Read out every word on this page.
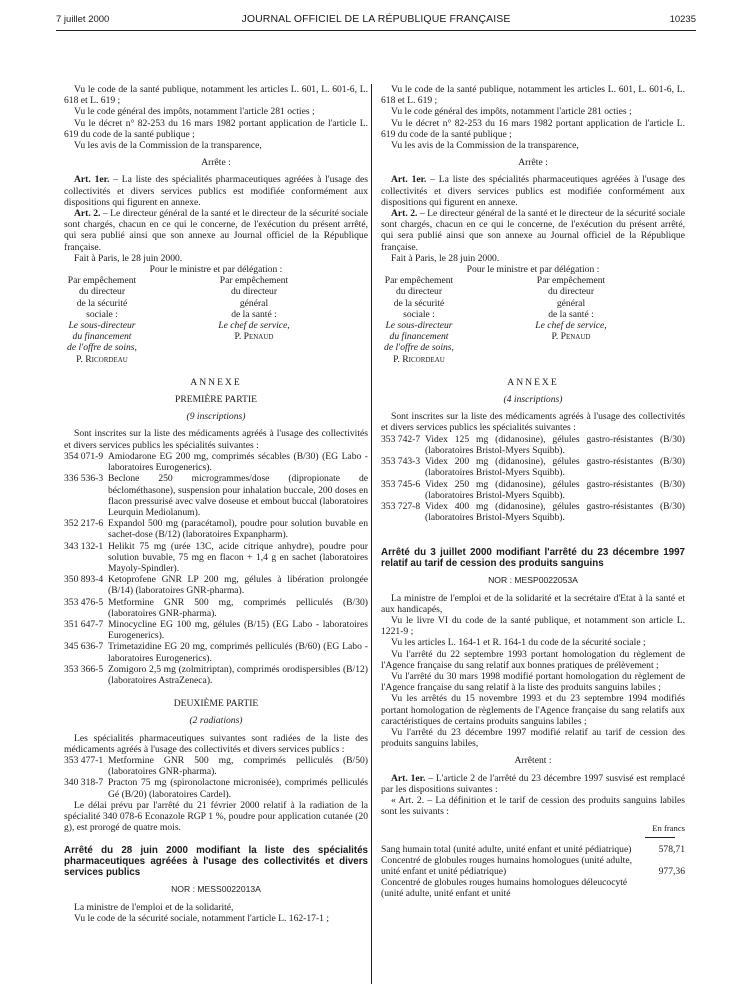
7 juillet 2000	JOURNAL OFFICIEL DE LA RÉPUBLIQUE FRANÇAISE	10235

Vu le code de la santé publique, notamment les articles L. 601, L. 601-6, L. 618 et L. 619 ;

Vu le code général des impôts, notamment l'article 281 octies ;

Vu le décret n° 82-253 du 16 mars 1982 portant application de l'article L. 619 du code de la santé publique ;

Vu les avis de la Commission de la transparence,

Arrête :

Art. 1er. – La liste des spécialités pharmaceutiques agréées à l'usage des collectivités et divers services publics est modifiée conformément aux dispositions qui figurent en annexe.

Art. 2. – Le directeur général de la santé et le directeur de la sécurité sociale sont chargés, chacun en ce qui le concerne, de l'exécution du présent arrêté, qui sera publié ainsi que son annexe au Journal officiel de la République française.

Fait à Paris, le 28 juin 2000.

Pour le ministre et par délégation :

Par empêchement du directeur
de la sécurité sociale :
Le sous-directeur du financement
de l'offre de soins,
P. Ricordeau
Par empêchement
du directeur général
de la santé :
Le chef de service,
P. Penaud

ANNEXE

PREMIÈRE PARTIE

(9 inscriptions)

Sont inscrites sur la liste des médicaments agréés à l'usage des collectivités et divers services publics les spécialités suivantes :

354 071-9 Amiodarone EG 200 mg, comprimés sécables (B/30) (EG Labo - laboratoires Eurogenerics).
336 536-3 Beclone 250 microgrammes/dose (dipropionate de béclométhasone), suspension pour inhalation buccale, 200 doses en flacon pressurisé avec valve doseuse et embout buccal (laboratoires Leurquin Mediolanum).
352 217-6 Expandol 500 mg (paracétamol), poudre pour solution buvable en sachet-dose (B/12) (laboratoires Expanpharm).
343 132-1 Helikit 75 mg (urée 13C, acide citrique anhydre), poudre pour solution buvable, 75 mg en flacon + 1,4 g en sachet (laboratoires Mayoly-Spindler).
350 893-4 Ketoprofene GNR LP 200 mg, gélules à libération prolongée (B/14) (laboratoires GNR-pharma).
353 476-5 Metformine GNR 500 mg, comprimés pelliculés (B/30) (laboratoires GNR-pharma).
351 647-7 Minocycline EG 100 mg, gélules (B/15) (EG Labo - laboratoires Eurogenerics).
345 636-7 Trimetazidine EG 20 mg, comprimés pelliculés (B/60) (EG Labo - laboratoires Eurogenerics).
353 366-5 Zomigoro 2,5 mg (zolmitriptan), comprimés orodispersibles (B/12) (laboratoires AstraZeneca).

DEUXIÈME PARTIE

(2 radiations)

Les spécialités pharmaceutiques suivantes sont radiées de la liste des médicaments agréés à l'usage des collectivités et divers services publics :

353 477-1 Metformine GNR 500 mg, comprimés pelliculés (B/50) (laboratoires GNR-pharma).
340 318-7 Practon 75 mg (spironolactone micronisée), comprimés pelliculés Gé (B/20) (laboratoires Cardel).

Le délai prévu par l'arrêté du 21 février 2000 relatif à la radiation de la spécialité 340 078-6 Econazole RGP 1 %, poudre pour application cutanée (20 g), est prorogé de quatre mois.

Arrêté du 28 juin 2000 modifiant la liste des spécialités pharmaceutiques agréées à l'usage des collectivités et divers services publics

NOR : MESS0022013A

La ministre de l'emploi et de la solidarité,

Vu le code de la sécurité sociale, notamment l'article L. 162-17-1 ;

Vu le code de la santé publique, notamment les articles L. 601, L. 601-6, L. 618 et L. 619 ;

Vu le code général des impôts, notamment l'article 281 octies ;

Vu le décret n° 82-253 du 16 mars 1982 portant application de l'article L. 619 du code de la santé publique ;

Vu les avis de la Commission de la transparence,

Arrête :

Art. 1er. – La liste des spécialités pharmaceutiques agréées à l'usage des collectivités et divers services publics est modifiée conformément aux dispositions qui figurent en annexe.

Art. 2. – Le directeur général de la santé et le directeur de la sécurité sociale sont chargés, chacun en ce qui le concerne, de l'exécution du présent arrêté, qui sera publié ainsi que son annexe au Journal officiel de la République française.

Fait à Paris, le 28 juin 2000.

Pour le ministre et par délégation :

Par empêchement du directeur
de la sécurité sociale :
Le sous-directeur du financement
de l'offre de soins,
P. Ricordeau
Par empêchement
du directeur général
de la santé :
Le chef de service,
P. Penaud

ANNEXE

(4 inscriptions)

Sont inscrites sur la liste des médicaments agréés à l'usage des collectivités et divers services publics les spécialités suivantes :

353 742-7 Videx 125 mg (didanosine), gélules gastro-résistantes (B/30) (laboratoires Bristol-Myers Squibb).
353 743-3 Videx 200 mg (didanosine), gélules gastro-résistantes (B/30) (laboratoires Bristol-Myers Squibb).
353 745-6 Videx 250 mg (didanosine), gélules gastro-résistantes (B/30) (laboratoires Bristol-Myers Squibb).
353 727-8 Videx 400 mg (didanosine), gélules gastro-résistantes (B/30) (laboratoires Bristol-Myers Squibb).

Arrêté du 3 juillet 2000 modifiant l'arrêté du 23 décembre 1997 relatif au tarif de cession des produits sanguins

NOR : MESP0022053A

La ministre de l'emploi et de la solidarité et la secrétaire d'Etat à la santé et aux handicapés,

Vu le livre VI du code de la santé publique, et notamment son article L. 1221-9 ;

Vu les articles L. 164-1 et R. 164-1 du code de la sécurité sociale ;

Vu l'arrêté du 22 septembre 1993 portant homologation du règlement de l'Agence française du sang relatif aux bonnes pratiques de prélèvement ;

Vu l'arrêté du 30 mars 1998 modifié portant homologation du règlement de l'Agence française du sang relatif à la liste des produits sanguins labiles ;

Vu les arrêtés du 15 novembre 1993 et du 23 septembre 1994 modifiés portant homologation de règlements de l'Agence française du sang relatifs aux caractéristiques de certains produits sanguins labiles ;

Vu l'arrêté du 23 décembre 1997 modifié relatif au tarif de cession des produits sanguins labiles,

Arrêtent :

Art. 1er. – L'article 2 de l'arrêté du 23 décembre 1997 susvisé est remplacé par les dispositions suivantes :

« Art. 2. – La définition et le tarif de cession des produits sanguins labiles sont les suivants :

En francs
Sang humain total (unité adulte, unité enfant et unité pédiatrique)	578,71
Concentré de globules rouges humains homologues (unité adulte, unité enfant et unité pédiatrique)	977,36
Concentré de globules rouges humains homologues déleucocyté (unité adulte, unité enfant et unité
